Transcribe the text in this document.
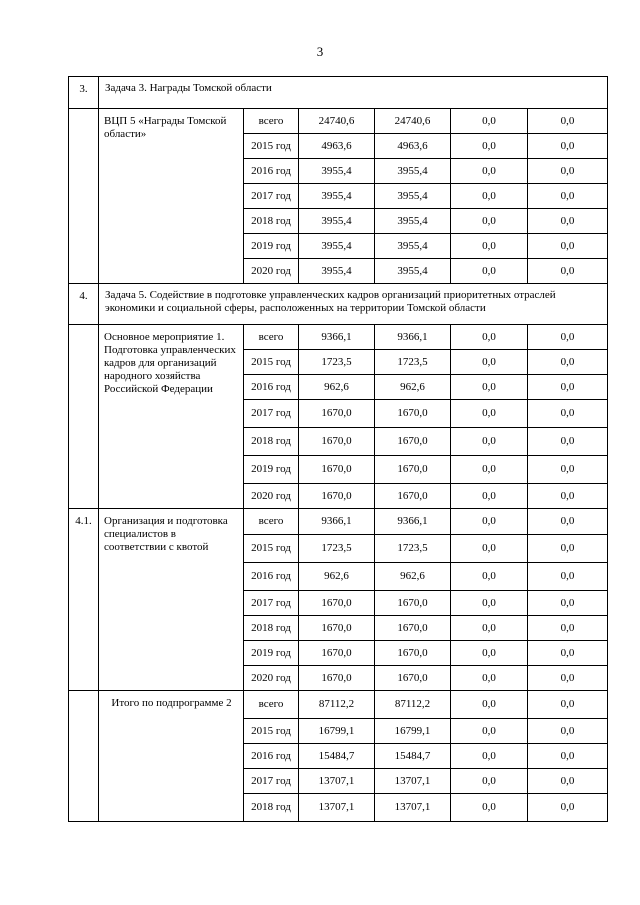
3
3.	Задача 3. Награды Томской области					
	ВЦП 5 «Награды Томской области»	всего	24740,6	24740,6	0,0	0,0
		2015 год	4963,6	4963,6	0,0	0,0
		2016 год	3955,4	3955,4	0,0	0,0
		2017 год	3955,4	3955,4	0,0	0,0
		2018 год	3955,4	3955,4	0,0	0,0
		2019 год	3955,4	3955,4	0,0	0,0
		2020 год	3955,4	3955,4	0,0	0,0
4.	Задача 5. Содействие в подготовке управленческих кадров организаций приоритетных отраслей экономики и социальной сферы, расположенных на территории Томской области					
	Основное мероприятие 1. Подготовка управленческих кадров для организаций народного хозяйства Российской Федерации	всего	9366,1	9366,1	0,0	0,0
		2015 год	1723,5	1723,5	0,0	0,0
		2016 год	962,6	962,6	0,0	0,0
		2017 год	1670,0	1670,0	0,0	0,0
		2018 год	1670,0	1670,0	0,0	0,0
		2019 год	1670,0	1670,0	0,0	0,0
		2020 год	1670,0	1670,0	0,0	0,0
4.1.	Организация и подготовка специалистов в соответствии с квотой	всего	9366,1	9366,1	0,0	0,0
		2015 год	1723,5	1723,5	0,0	0,0
		2016 год	962,6	962,6	0,0	0,0
		2017 год	1670,0	1670,0	0,0	0,0
		2018 год	1670,0	1670,0	0,0	0,0
		2019 год	1670,0	1670,0	0,0	0,0
		2020 год	1670,0	1670,0	0,0	0,0
	Итого по подпрограмме 2	всего	87112,2	87112,2	0,0	0,0
		2015 год	16799,1	16799,1	0,0	0,0
		2016 год	15484,7	15484,7	0,0	0,0
		2017 год	13707,1	13707,1	0,0	0,0
		2018 год	13707,1	13707,1	0,0	0,0
